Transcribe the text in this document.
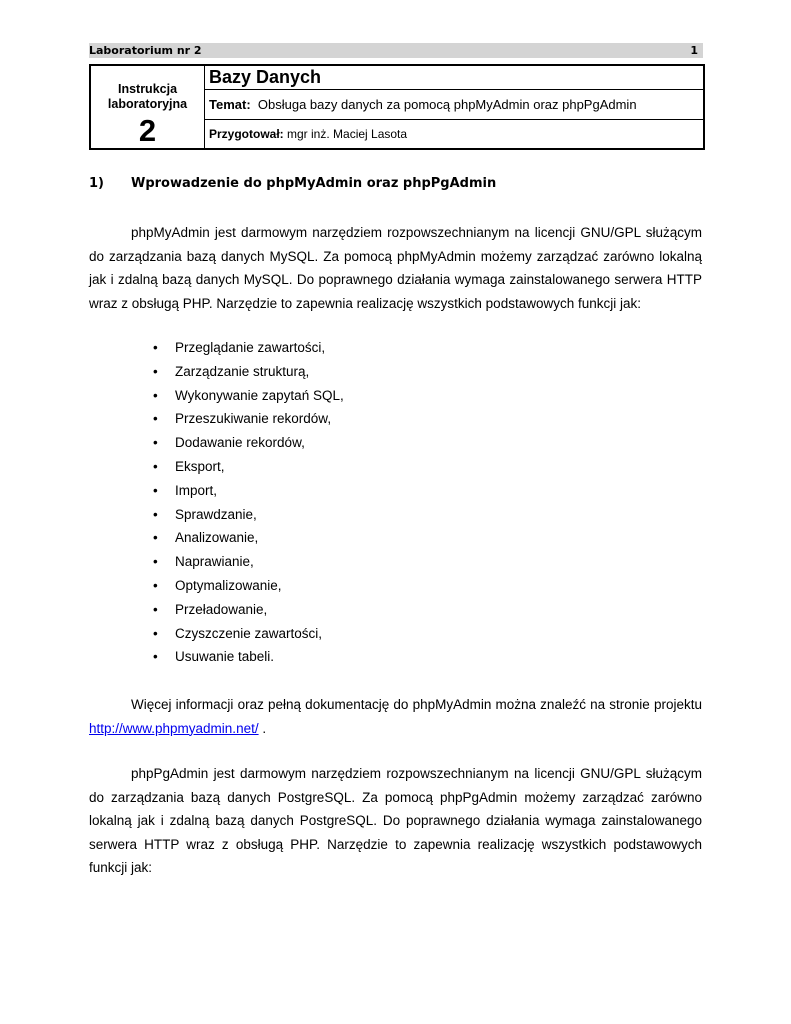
Laboratorium nr 2	1
Instrukcja
laboratoryjna
2
Bazy Danych
Temat: Obsługa bazy danych za pomocą phpMyAdmin oraz phpPgAdmin
Przygotował: mgr inż. Maciej Lasota
1) Wprowadzenie do phpMyAdmin oraz phpPgAdmin

phpMyAdmin jest darmowym narzędziem rozpowszechnianym na licencji GNU/GPL służącym do zarządzania bazą danych MySQL. Za pomocą phpMyAdmin możemy zarządzać zarówno lokalną jak i zdalną bazą danych MySQL. Do poprawnego działania wymaga zainstalowanego serwera HTTP wraz z obsługą PHP. Narzędzie to zapewnia realizację wszystkich podstawowych funkcji jak:

• Przeglądanie zawartości,
• Zarządzanie strukturą,
• Wykonywanie zapytań SQL,
• Przeszukiwanie rekordów,
• Dodawanie rekordów,
• Eksport,
• Import,
• Sprawdzanie,
• Analizowanie,
• Naprawianie,
• Optymalizowanie,
• Przeładowanie,
• Czyszczenie zawartości,
• Usuwanie tabeli.

Więcej informacji oraz pełną dokumentację do phpMyAdmin można znaleźć na stronie projektu http://www.phpmyadmin.net/ .

phpPgAdmin jest darmowym narzędziem rozpowszechnianym na licencji GNU/GPL służącym do zarządzania bazą danych PostgreSQL. Za pomocą phpPgAdmin możemy zarządzać zarówno lokalną jak i zdalną bazą danych PostgreSQL. Do poprawnego działania wymaga zainstalowanego serwera HTTP wraz z obsługą PHP. Narzędzie to zapewnia realizację wszystkich podstawowych funkcji jak:
